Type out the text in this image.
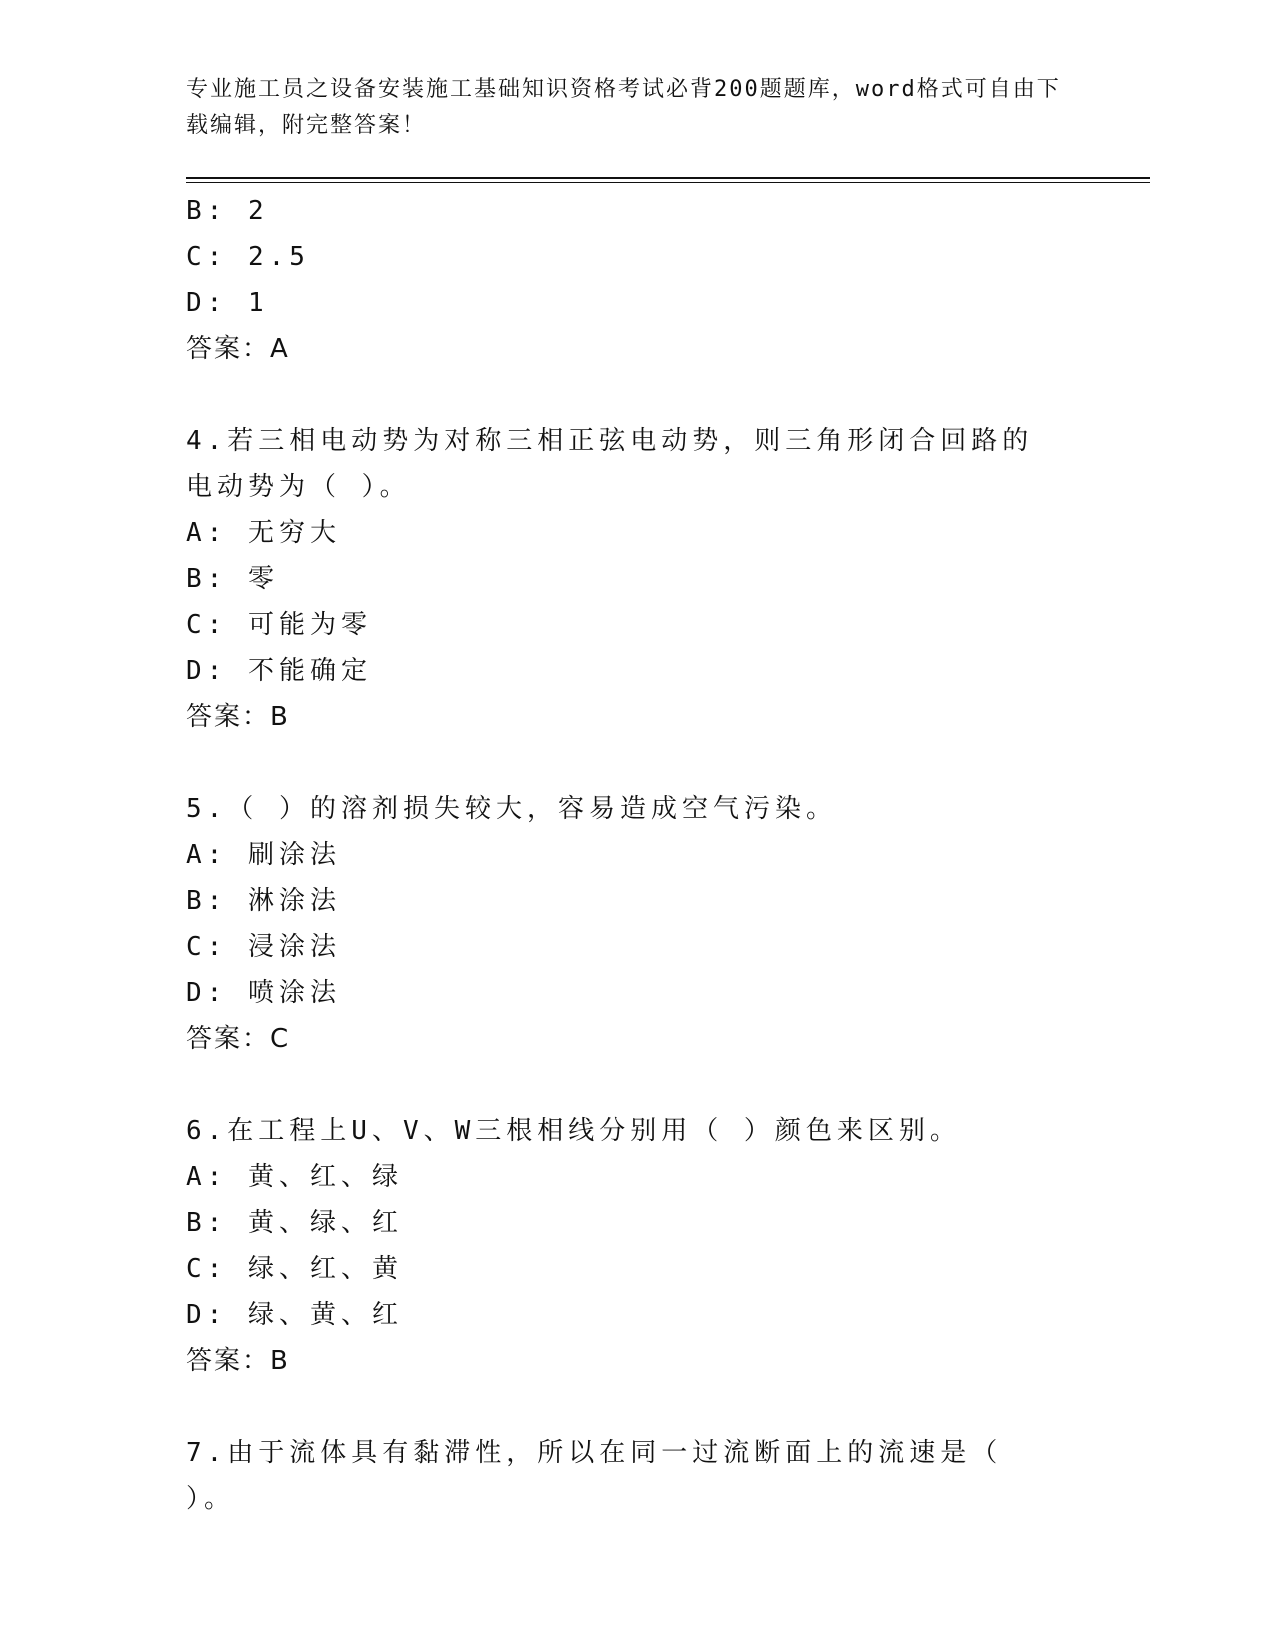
专业施工员之设备安装施工基础知识资格考试必背200题题库，word格式可自由下载编辑，附完整答案！
B: 2
C: 2.5
D: 1
答案：A
4.若三相电动势为对称三相正弦电动势，则三角形闭合回路的电动势为（ ）。
A: 无穷大
B: 零
C: 可能为零
D: 不能确定
答案：B
5.（ ）的溶剂损失较大，容易造成空气污染。
A: 刷涂法
B: 淋涂法
C: 浸涂法
D: 喷涂法
答案：C
6.在工程上U、V、W三根相线分别用（ ）颜色来区别。
A: 黄、红、绿
B: 黄、绿、红
C: 绿、红、黄
D: 绿、黄、红
答案：B
7.由于流体具有黏滞性，所以在同一过流断面上的流速是（ ）。
